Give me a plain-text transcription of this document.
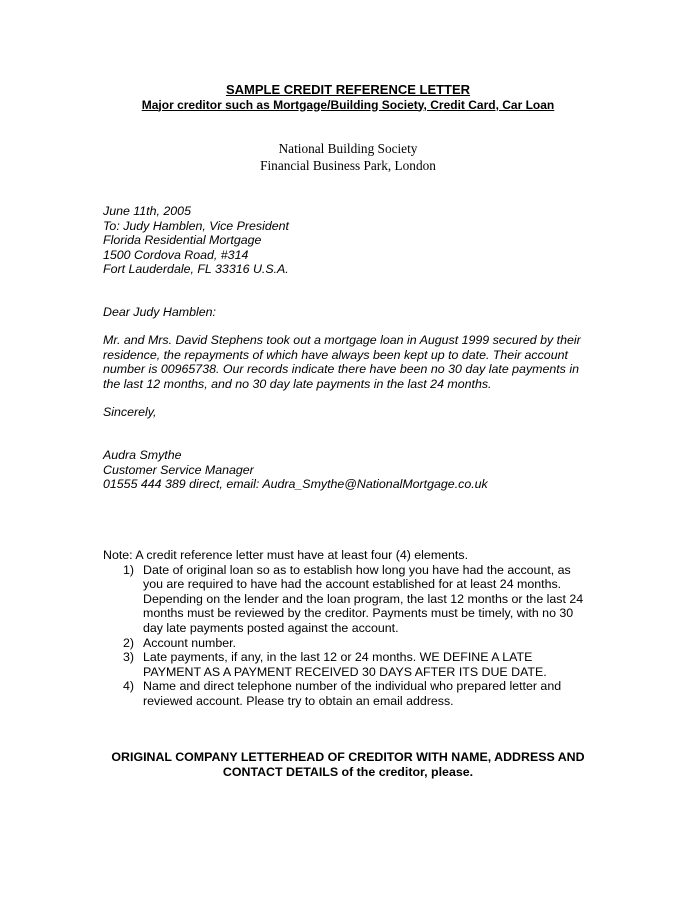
SAMPLE CREDIT REFERENCE LETTER
Major creditor such as Mortgage/Building Society, Credit Card, Car Loan
National Building Society
Financial Business Park, London
June 11th, 2005
To: Judy Hamblen, Vice President
Florida Residential Mortgage
1500 Cordova Road, #314
Fort Lauderdale, FL 33316 U.S.A.
Dear Judy Hamblen:
Mr. and Mrs. David Stephens took out a mortgage loan in August 1999 secured by their
residence, the repayments of which have always been kept up to date. Their account
number is 00965738. Our records indicate there have been no 30 day late payments in
the last 12 months, and no 30 day late payments in the last 24 months.
Sincerely,
Audra Smythe
Customer Service Manager
01555 444 389 direct, email: Audra_Smythe@NationalMortgage.co.uk
Note: A credit reference letter must have at least four (4) elements.
1) Date of original loan so as to establish how long you have had the account, as
you are required to have had the account established for at least 24 months.
Depending on the lender and the loan program, the last 12 months or the last 24
months must be reviewed by the creditor. Payments must be timely, with no 30
day late payments posted against the account.
2) Account number.
3) Late payments, if any, in the last 12 or 24 months. WE DEFINE A LATE
PAYMENT AS A PAYMENT RECEIVED 30 DAYS AFTER ITS DUE DATE.
4) Name and direct telephone number of the individual who prepared letter and
reviewed account. Please try to obtain an email address.
ORIGINAL COMPANY LETTERHEAD OF CREDITOR WITH NAME, ADDRESS AND
CONTACT DETAILS of the creditor, please.
